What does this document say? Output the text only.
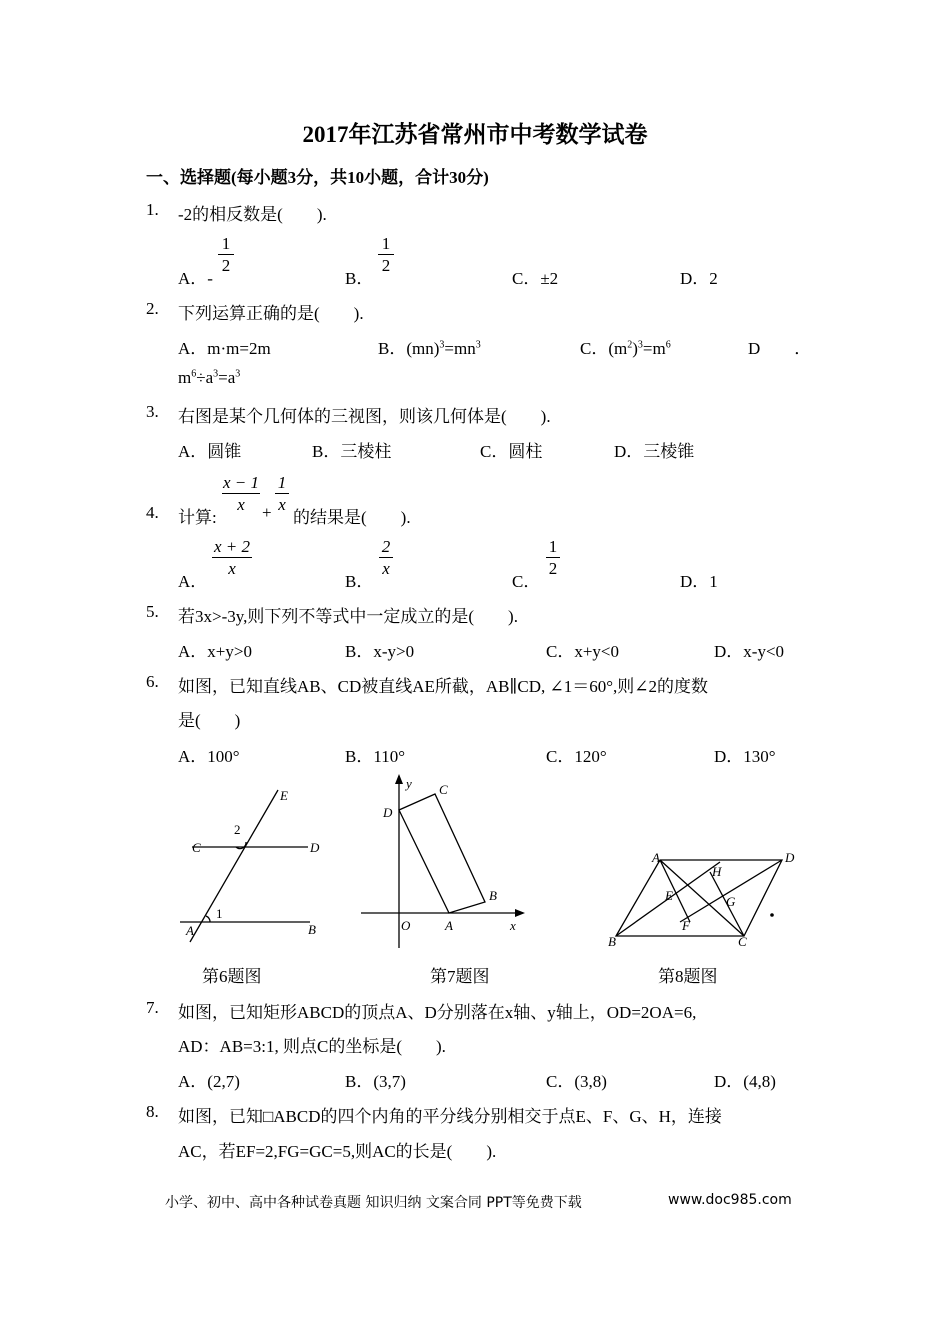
2017年江苏省常州市中考数学试卷
一、选择题(每小题3分，共10小题，合计30分)
1. -2的相反数是(　　).
A．-
1
2
B．
1
2
C．±2	D．2
2. 下列运算正确的是(　　).
A．m·m=2m	B．$(mn)^3=mn^3$	C．$(m^2)^3=m^6$	D　　．
$m^6\div a^3=a^3$
3. 右图是某个几何体的三视图，则该几何体是(　　).
A．圆锥	B．三棱柱	C．圆柱	D．三棱锥
4. 计算:
x − 1
x	+
1
x
的结果是(　　).
A．
x + 2
x
B．
2
x
C．
1
2
D．1
5. 若3x>-3y,则下列不等式中一定成立的是(　　).
A．x+y>0	B．x-y>0	C．x+y<0	D．x-y<0
6. 如图，已知直线AB、CD被直线AE所截，AB∥CD, ∠1＝60°,则∠2的度数
是(　　)
A．100°	B．110°	C．120°	D．130°
E
C	D
2
1
A	B
y C
D
B
O	A	x
A	D
H
E	G
F
B	C
第6题图	第7题图	第8题图
7. 如图，已知矩形ABCD的顶点A、D分别落在x轴、y轴上，OD=2OA=6,
AD：AB=3:1, 则点C的坐标是(　　).
A．(2,7)	B．(3,7)	C．(3,8)	D．(4,8)
8. 如图，已知□ABCD的四个内角的平分线分别相交于点E、F、G、H，连接
AC，若EF=2,FG=GC=5,则AC的长是(　　).
小学、初中、高中各种试卷真题 知识归纳 文案合同 PPT等免费下载	www.doc985.com
